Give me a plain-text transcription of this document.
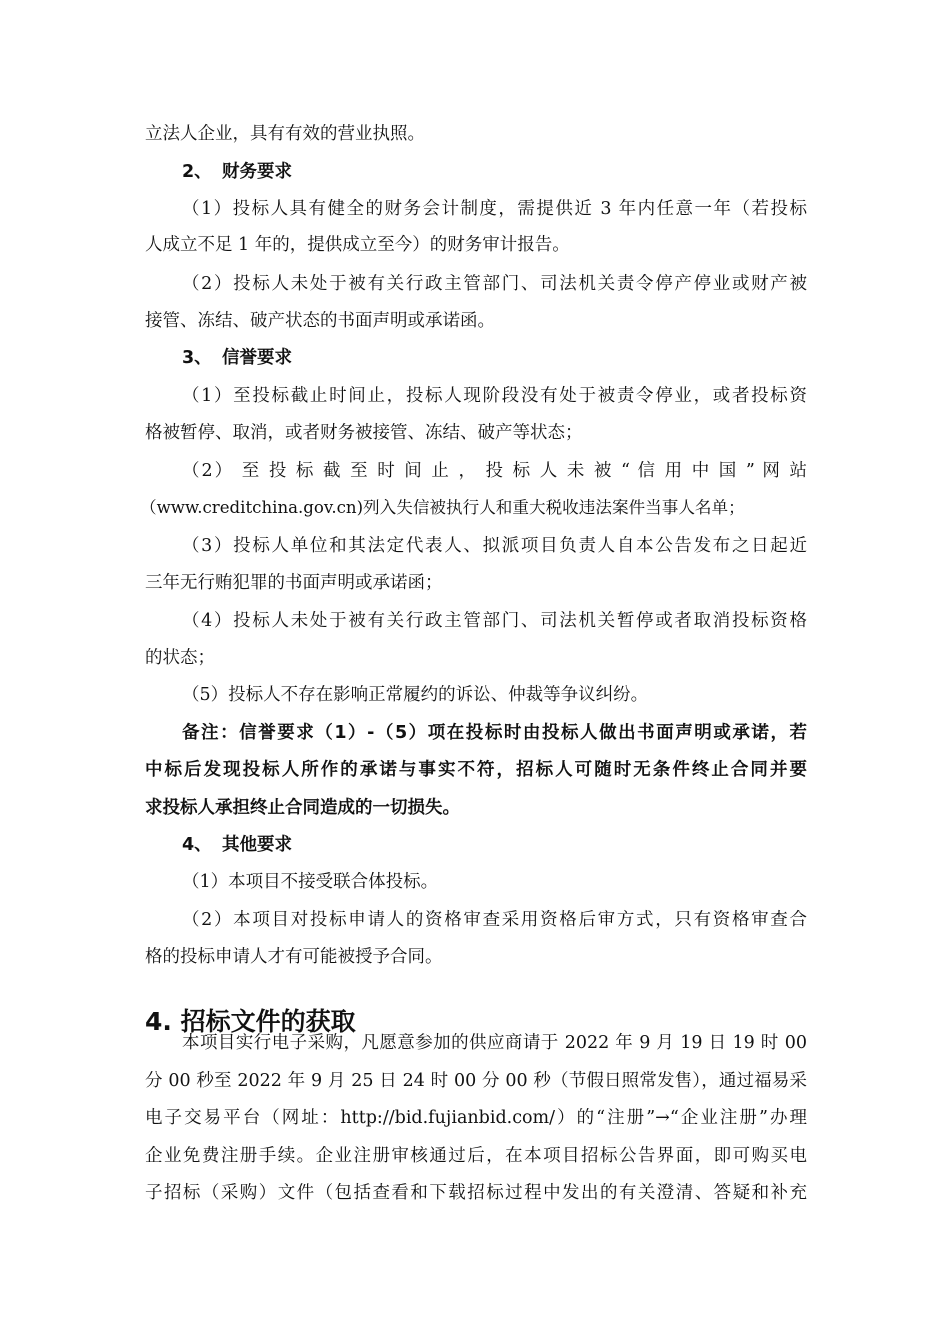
立法人企业，具有有效的营业执照。

2、 财务要求

（1）投标人具有健全的财务会计制度，需提供近 3 年内任意一年（若投标

人成立不足 1 年的，提供成立至今）的财务审计报告。

（2）投标人未处于被有关行政主管部门、司法机关责令停产停业或财产被

接管、冻结、破产状态的书面声明或承诺函。

3、 信誉要求

（1）至投标截止时间止，投标人现阶段没有处于被责令停业，或者投标资

格被暂停、取消，或者财务被接管、冻结、破产等状态；

（2） 至 投 标 截 至 时 间 止 ， 投 标 人 未 被 “ 信 用 中 国 ” 网 站

（www.creditchina.gov.cn)列入失信被执行人和重大税收违法案件当事人名单；

（3）投标人单位和其法定代表人、拟派项目负责人自本公告发布之日起近

三年无行贿犯罪的书面声明或承诺函；

（4）投标人未处于被有关行政主管部门、司法机关暂停或者取消投标资格

的状态；

（5）投标人不存在影响正常履约的诉讼、仲裁等争议纠纷。

备注：信誉要求（1）-（5）项在投标时由投标人做出书面声明或承诺，若

中标后发现投标人所作的承诺与事实不符，招标人可随时无条件终止合同并要

求投标人承担终止合同造成的一切损失。

4、 其他要求

（1）本项目不接受联合体投标。

（2）本项目对投标申请人的资格审查采用资格后审方式，只有资格审查合

格的投标申请人才有可能被授予合同。

4. 招标文件的获取

本项目实行电子采购，凡愿意参加的供应商请于 2022 年 9 月 19 日 19 时 00

分 00 秒至 2022 年 9 月 25 日 24 时 00 分 00 秒（节假日照常发售），通过福易采

电子交易平台（网址：http://bid.fujianbid.com/）的“注册”→“企业注册”办理

企业免费注册手续。企业注册审核通过后，在本项目招标公告界面，即可购买电

子招标（采购）文件（包括查看和下载招标过程中发出的有关澄清、答疑和补充
